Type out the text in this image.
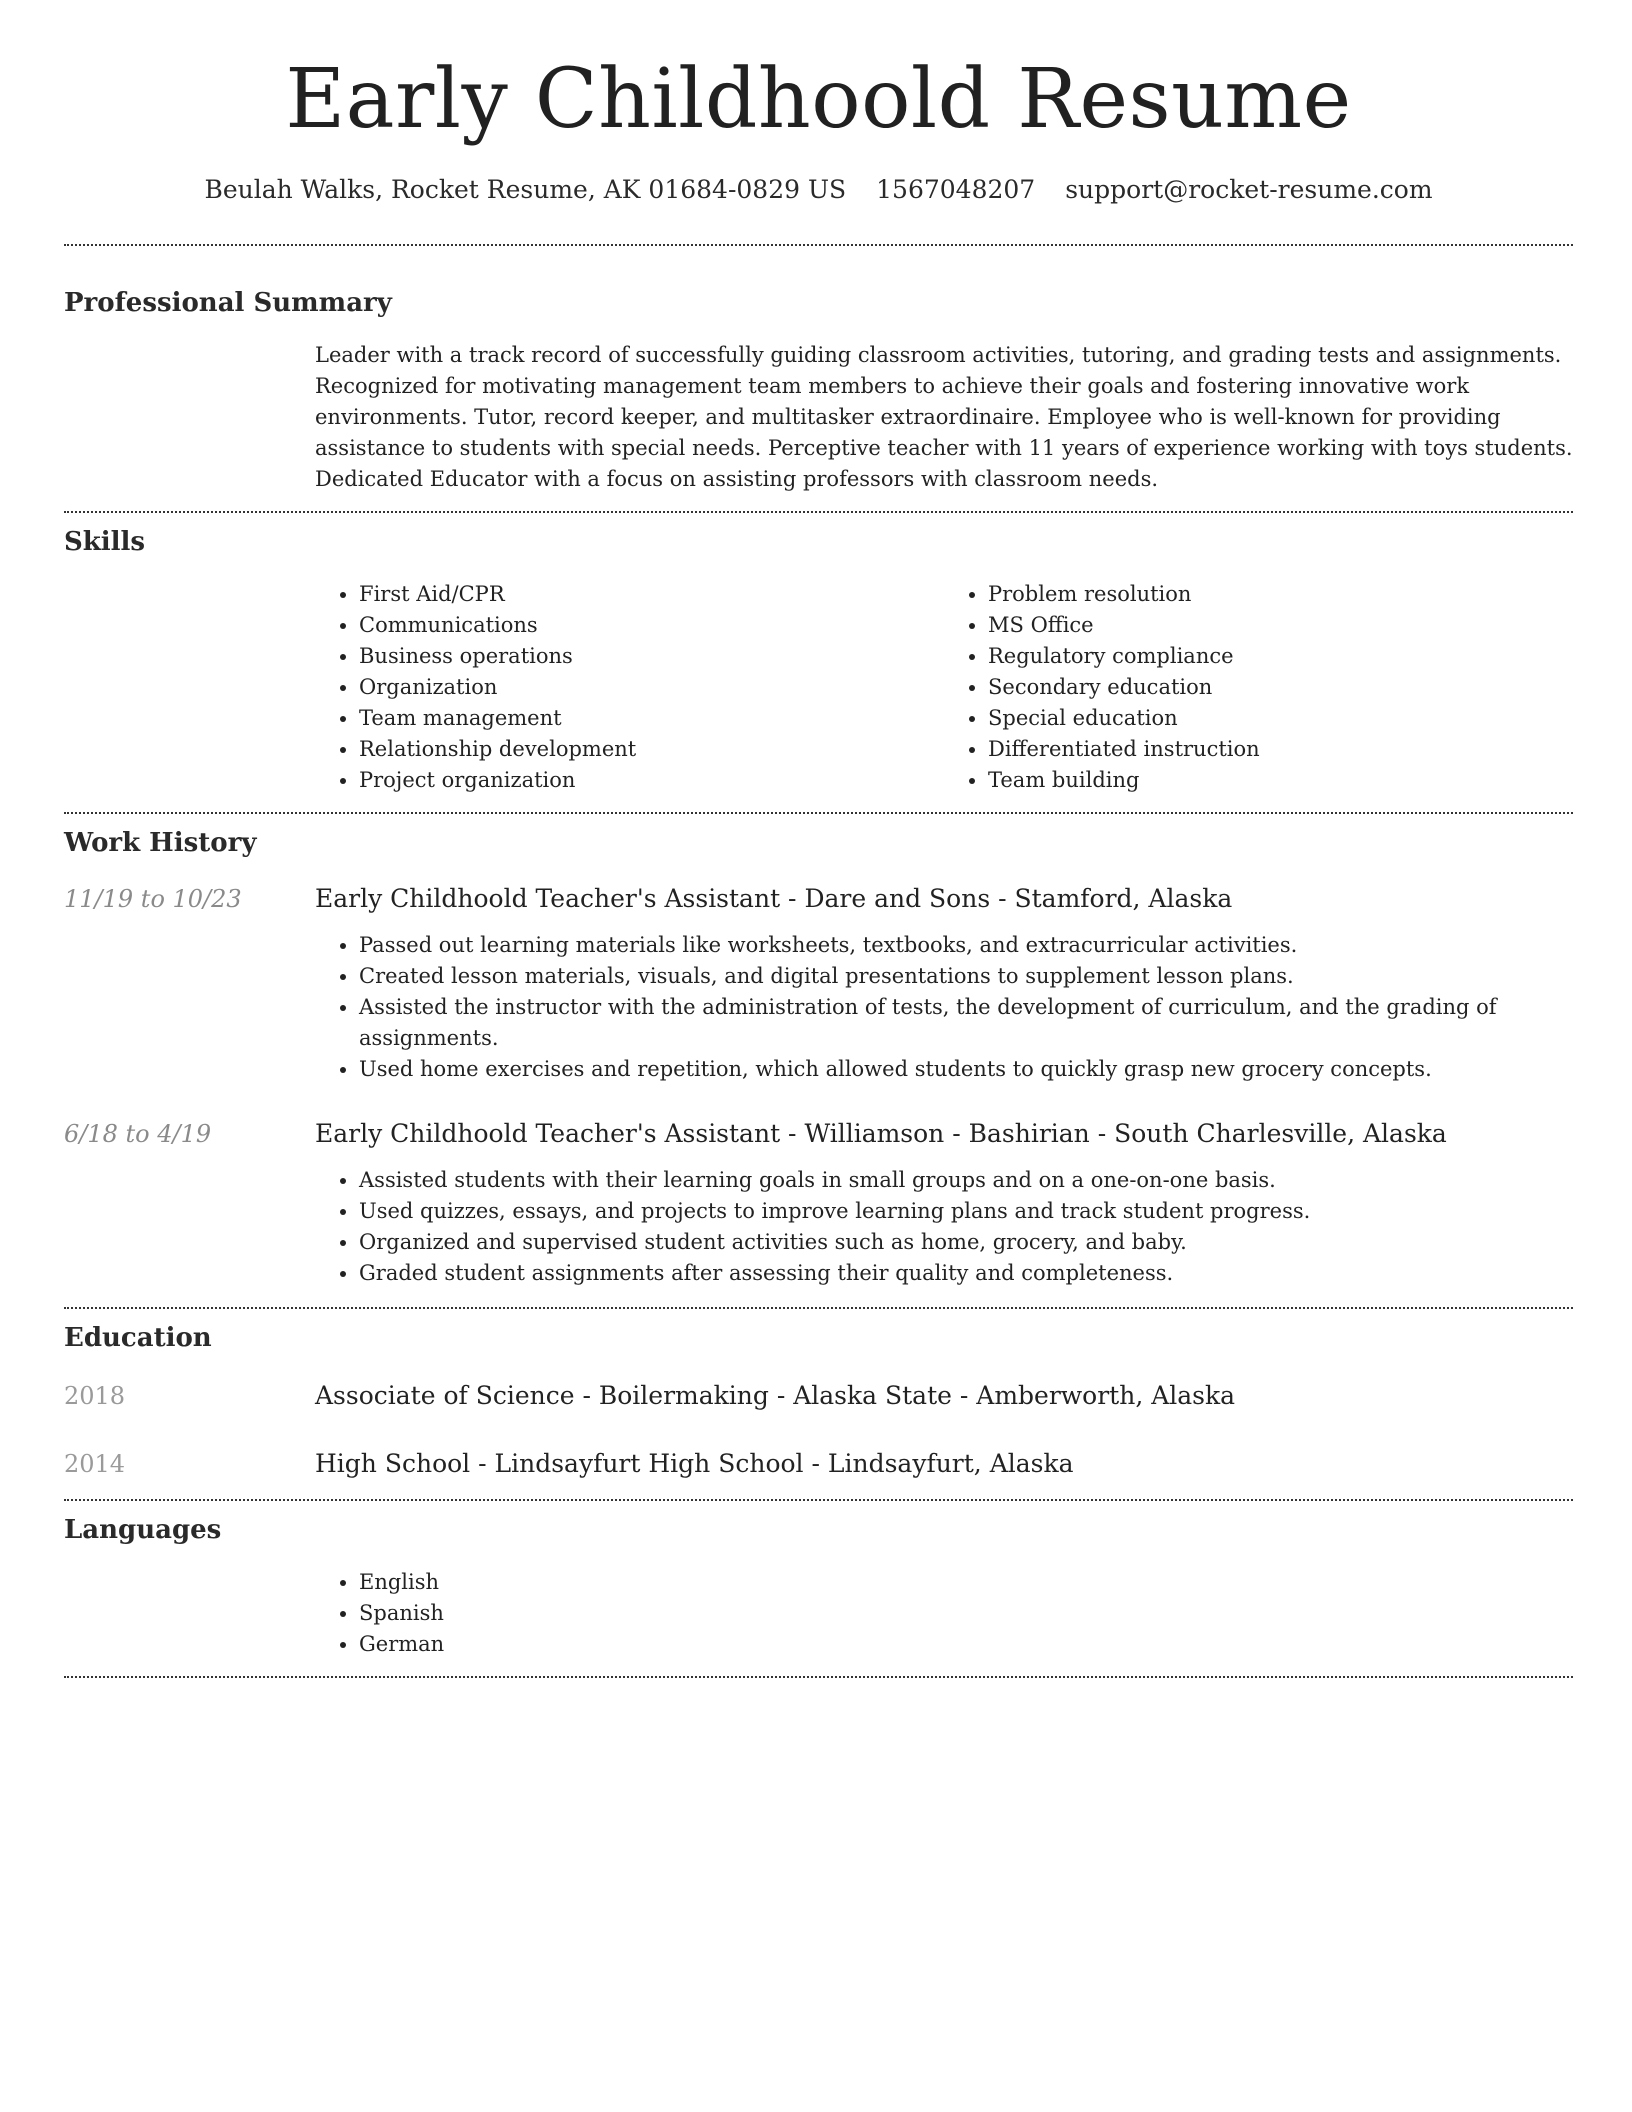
Early Childhoold Resume
Beulah Walks, Rocket Resume, AK 01684-0829 US 1567048207 support@rocket-resume.com
Professional Summary
Leader with a track record of successfully guiding classroom activities, tutoring, and grading tests and assignments. Recognized for motivating management team members to achieve their goals and fostering innovative work environments. Tutor, record keeper, and multitasker extraordinaire. Employee who is well-known for providing assistance to students with special needs. Perceptive teacher with 11 years of experience working with toys students. Dedicated Educator with a focus on assisting professors with classroom needs.
Skills
• First Aid/CPR
• Communications
• Business operations
• Organization
• Team management
• Relationship development
• Project organization
• Problem resolution
• MS Office
• Regulatory compliance
• Secondary education
• Special education
• Differentiated instruction
• Team building
Work History
11/19 to 10/23	Early Childhoold Teacher's Assistant - Dare and Sons - Stamford, Alaska
• Passed out learning materials like worksheets, textbooks, and extracurricular activities.
• Created lesson materials, visuals, and digital presentations to supplement lesson plans.
• Assisted the instructor with the administration of tests, the development of curriculum, and the grading of assignments.
• Used home exercises and repetition, which allowed students to quickly grasp new grocery concepts.
6/18 to 4/19	Early Childhoold Teacher's Assistant - Williamson - Bashirian - South Charlesville, Alaska
• Assisted students with their learning goals in small groups and on a one-on-one basis.
• Used quizzes, essays, and projects to improve learning plans and track student progress.
• Organized and supervised student activities such as home, grocery, and baby.
• Graded student assignments after assessing their quality and completeness.
Education
2018	Associate of Science - Boilermaking - Alaska State - Amberworth, Alaska
2014	High School - Lindsayfurt High School - Lindsayfurt, Alaska
Languages
• English
• Spanish
• German
